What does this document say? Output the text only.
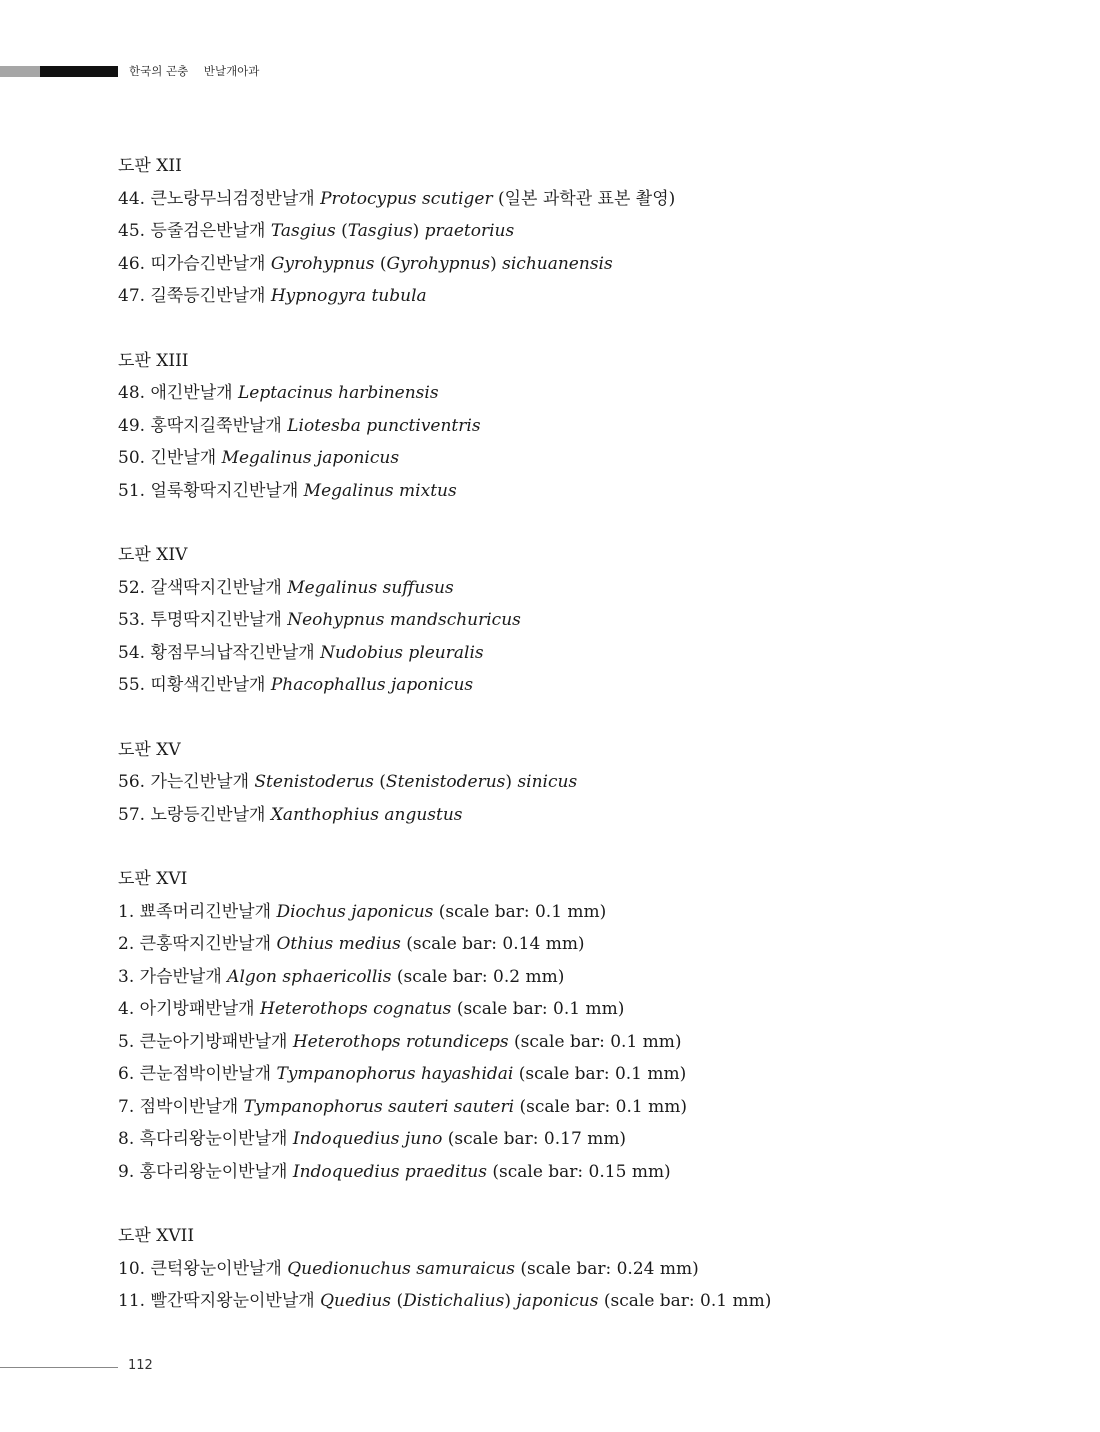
한국의 곤충 반날개아과
도판 XII
44. 큰노랑무늬검정반날개 Protocypus scutiger (일본 과학관 표본 촬영)
45. 등줄검은반날개 Tasgius (Tasgius) praetorius
46. 띠가슴긴반날개 Gyrohypnus (Gyrohypnus) sichuanensis
47. 길쭉등긴반날개 Hypnogyra tubula
도판 XIII
48. 애긴반날개 Leptacinus harbinensis
49. 홍딱지길쭉반날개 Liotesba punctiventris
50. 긴반날개 Megalinus japonicus
51. 얼룩황딱지긴반날개 Megalinus mixtus
도판 XIV
52. 갈색딱지긴반날개 Megalinus suffusus
53. 투명딱지긴반날개 Neohypnus mandschuricus
54. 황점무늬납작긴반날개 Nudobius pleuralis
55. 띠황색긴반날개 Phacophallus japonicus
도판 XV
56. 가는긴반날개 Stenistoderus (Stenistoderus) sinicus
57. 노랑등긴반날개 Xanthophius angustus
도판 XVI
1. 뾰족머리긴반날개 Diochus japonicus (scale bar: 0.1 mm)
2. 큰홍딱지긴반날개 Othius medius (scale bar: 0.14 mm)
3. 가슴반날개 Algon sphaericollis (scale bar: 0.2 mm)
4. 아기방패반날개 Heterothops cognatus (scale bar: 0.1 mm)
5. 큰눈아기방패반날개 Heterothops rotundiceps (scale bar: 0.1 mm)
6. 큰눈점박이반날개 Tympanophorus hayashidai (scale bar: 0.1 mm)
7. 점박이반날개 Tympanophorus sauteri sauteri (scale bar: 0.1 mm)
8. 흑다리왕눈이반날개 Indoquedius juno (scale bar: 0.17 mm)
9. 홍다리왕눈이반날개 Indoquedius praeditus (scale bar: 0.15 mm)
도판 XVII
10. 큰턱왕눈이반날개 Quedionuchus samuraicus (scale bar: 0.24 mm)
11. 빨간딱지왕눈이반날개 Quedius (Distichalius) japonicus (scale bar: 0.1 mm)
112
